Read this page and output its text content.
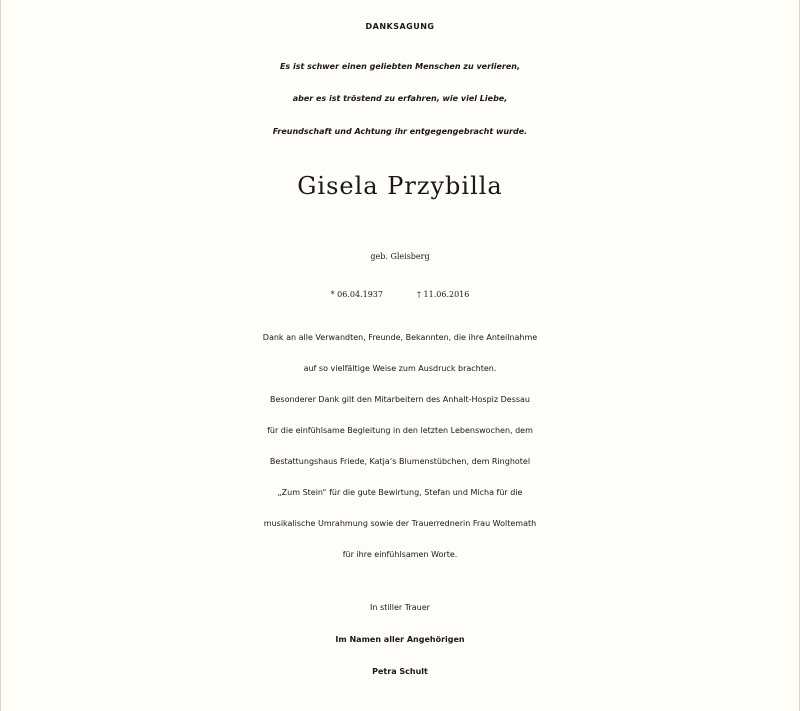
DANKSAGUNG
Es ist schwer einen geliebten Menschen zu verlieren,
aber es ist tröstend zu erfahren, wie viel Liebe,
Freundschaft und Achtung ihr entgegengebracht wurde.
Gisela Przybilla
geb. Gleisberg
* 06.04.1937	† 11.06.2016
Dank an alle Verwandten, Freunde, Bekannten, die ihre Anteilnahme
auf so vielfältige Weise zum Ausdruck brachten.
Besonderer Dank gilt den Mitarbeitern des Anhalt-Hospiz Dessau
für die einfühlsame Begleitung in den letzten Lebenswochen, dem
Bestattungshaus Friede, Katja‘s Blumenstübchen, dem Ringhotel
„Zum Stein“ für die gute Bewirtung, Stefan und Micha für die
musikalische Umrahmung sowie der Trauerrednerin Frau Woltemath
für ihre einfühlsamen Worte.
In stiller Trauer
Im Namen aller Angehörigen
Petra Schult
